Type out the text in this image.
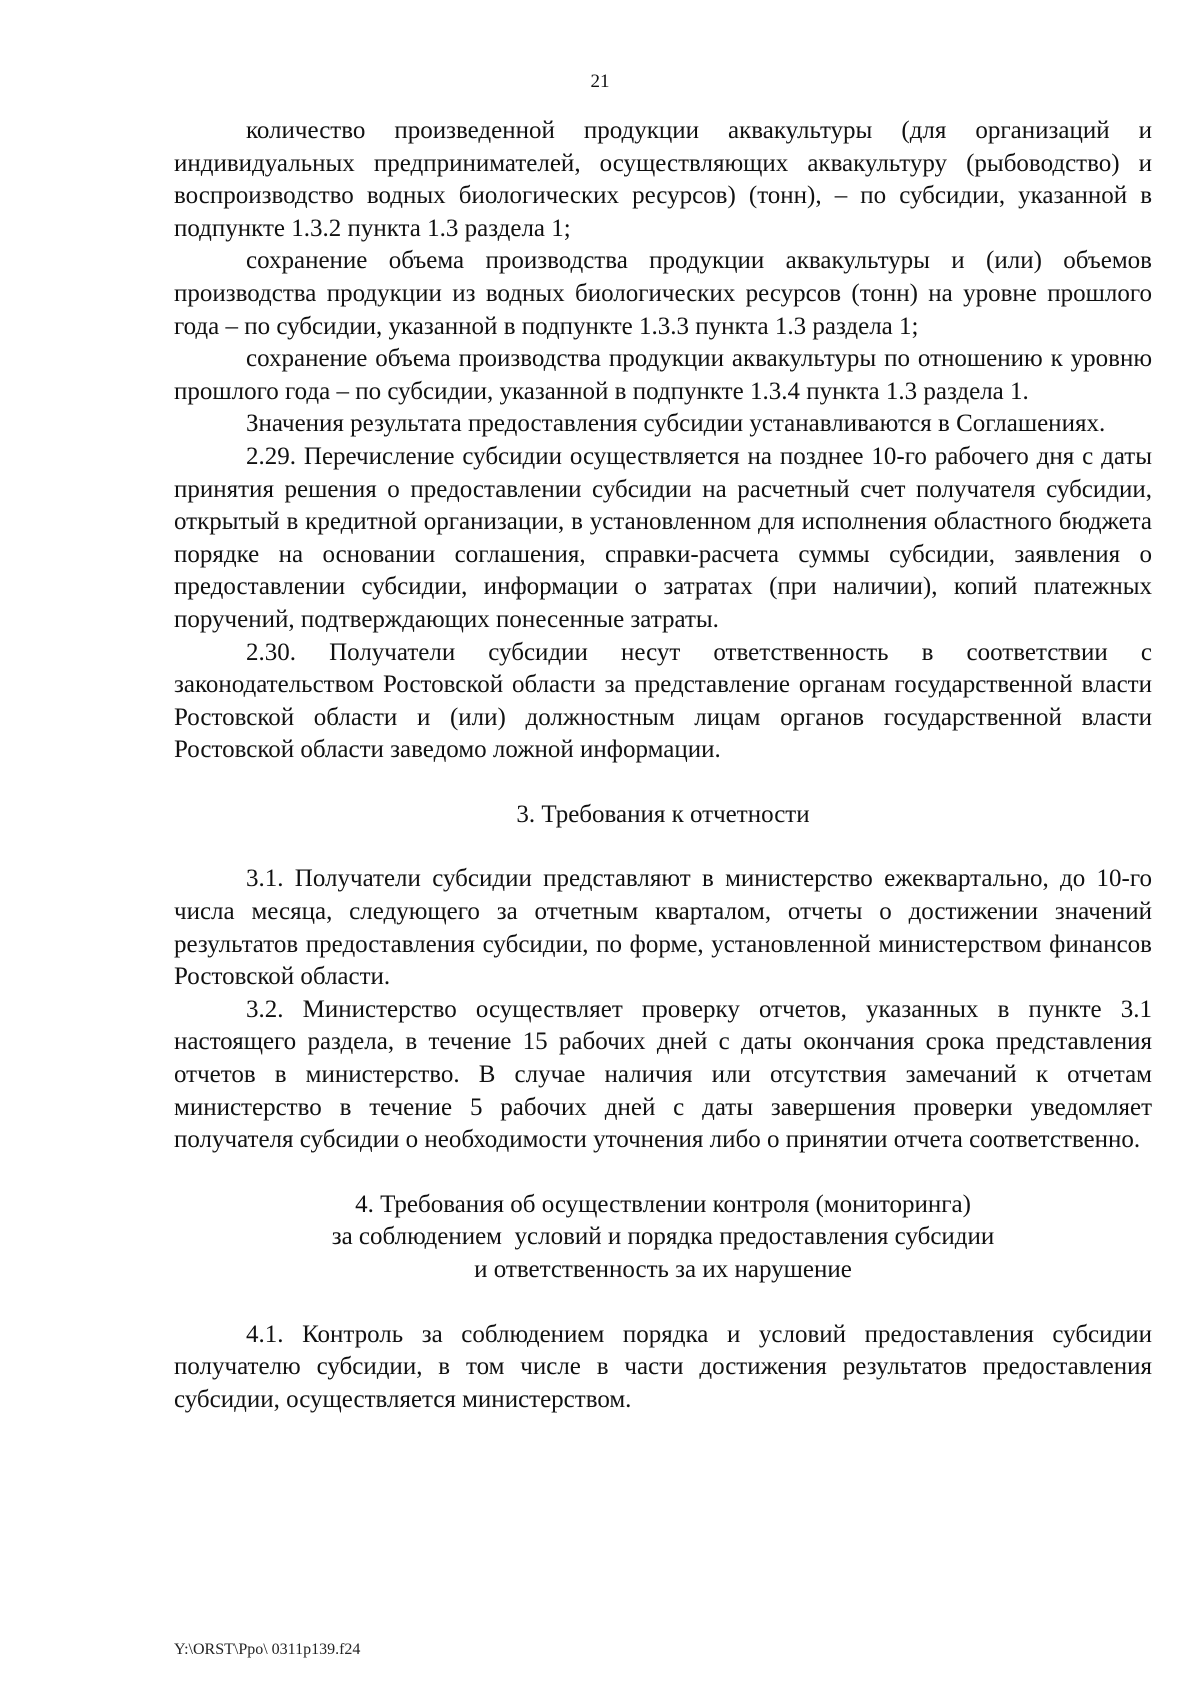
21

количество произведенной продукции аквакультуры (для организаций и индивидуальных предпринимателей, осуществляющих аквакультуру (рыбоводство) и воспроизводство водных биологических ресурсов) (тонн), – по субсидии, указанной в подпункте 1.3.2 пункта 1.3 раздела 1;

сохранение объема производства продукции аквакультуры и (или) объемов производства продукции из водных биологических ресурсов (тонн) на уровне прошлого года – по субсидии, указанной в подпункте 1.3.3 пункта 1.3 раздела 1;

сохранение объема производства продукции аквакультуры по отношению к уровню прошлого года – по субсидии, указанной в подпункте 1.3.4 пункта 1.3 раздела 1.

Значения результата предоставления субсидии устанавливаются в Соглашениях.

2.29. Перечисление субсидии осуществляется на позднее 10-го рабочего дня с даты принятия решения о предоставлении субсидии на расчетный счет получателя субсидии, открытый в кредитной организации, в установленном для исполнения областного бюджета порядке на основании соглашения, справки-расчета суммы субсидии, заявления о предоставлении субсидии, информации о затратах (при наличии), копий платежных поручений, подтверждающих понесенные затраты.

2.30. Получатели субсидии несут ответственность в соответствии с законодательством Ростовской области за представление органам государственной власти Ростовской области и (или) должностным лицам органов государственной власти Ростовской области заведомо ложной информации.

3. Требования к отчетности

3.1. Получатели субсидии представляют в министерство ежеквартально, до 10-го числа месяца, следующего за отчетным кварталом, отчеты о достижении значений результатов предоставления субсидии, по форме, установленной министерством финансов Ростовской области.

3.2. Министерство осуществляет проверку отчетов, указанных в пункте 3.1 настоящего раздела, в течение 15 рабочих дней с даты окончания срока представления отчетов в министерство. В случае наличия или отсутствия замечаний к отчетам министерство в течение 5 рабочих дней с даты завершения проверки уведомляет получателя субсидии о необходимости уточнения либо о принятии отчета соответственно.

4. Требования об осуществлении контроля (мониторинга)
за соблюдением  условий и порядка предоставления субсидии
и ответственность за их нарушение

4.1. Контроль за соблюдением порядка и условий предоставления субсидии получателю субсидии, в том числе в части достижения результатов предоставления субсидии, осуществляется министерством.

Y:\ORST\Ppo\ 0311p139.f24
